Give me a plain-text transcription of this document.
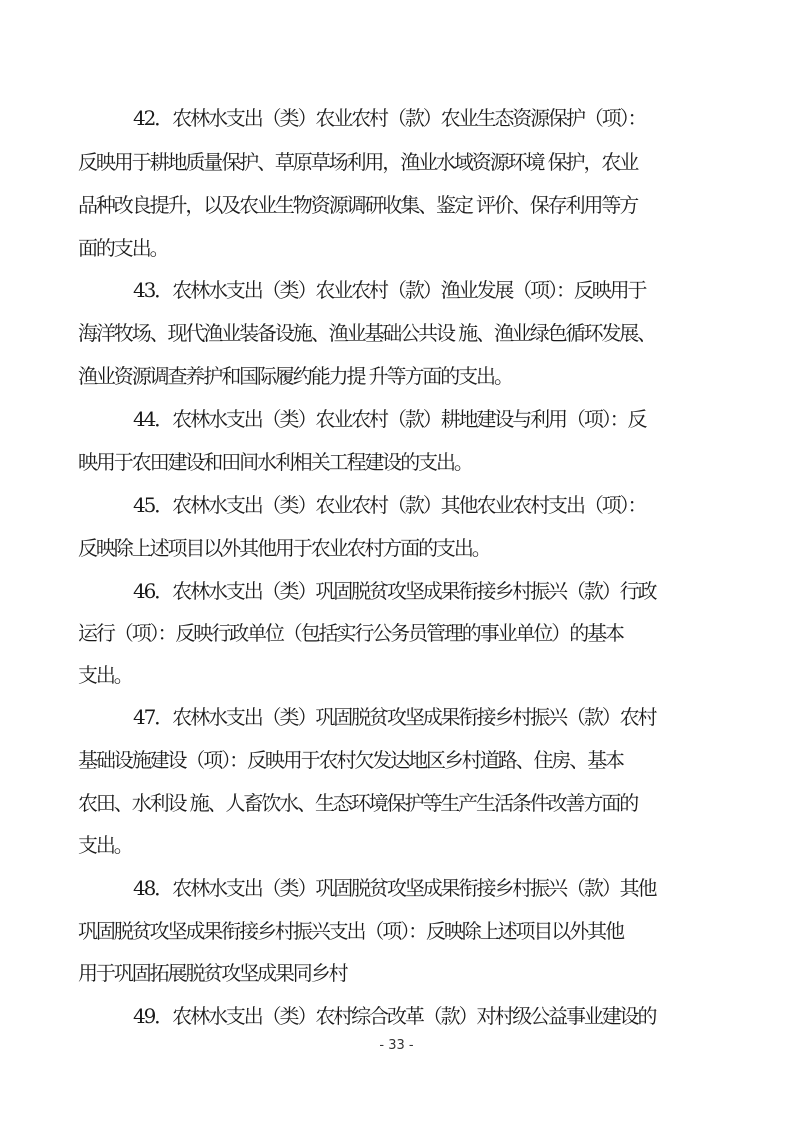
42．农林水支出（类）农业农村（款）农业生态资源保护（项）：
反映用于耕地质量保护、草原草场利用，渔业水域资源环境 保护，农业
品种改良提升，以及农业生物资源调研收集、鉴定 评价、保存利用等方
面的支出。
43．农林水支出（类）农业农村（款）渔业发展（项）：反映用于
海洋牧场、现代渔业装备设施、渔业基础公共设 施、渔业绿色循环发展、
渔业资源调查养护和国际履约能力提 升等方面的支出。
44．农林水支出（类）农业农村（款）耕地建设与利用（项）：反
映用于农田建设和田间水利相关工程建设的支出。
45．农林水支出（类）农业农村（款）其他农业农村支出（项）：
反映除上述项目以外其他用于农业农村方面的支出。
46．农林水支出（类）巩固脱贫攻坚成果衔接乡村振兴（款）行政
运行（项）：反映行政单位（包括实行公务员管理的事业单位）的基本
支出。
47．农林水支出（类）巩固脱贫攻坚成果衔接乡村振兴（款）农村
基础设施建设（项）：反映用于农村欠发达地区乡村道路、住房、基本
农田、水利设 施、人畜饮水、生态环境保护等生产生活条件改善方面的
支出。
48．农林水支出（类）巩固脱贫攻坚成果衔接乡村振兴（款）其他
巩固脱贫攻坚成果衔接乡村振兴支出（项）：反映除上述项目以外其他
用于巩固拓展脱贫攻坚成果同乡村
49．农林水支出（类）农村综合改革（款）对村级公益事业建设的
- 33 -
